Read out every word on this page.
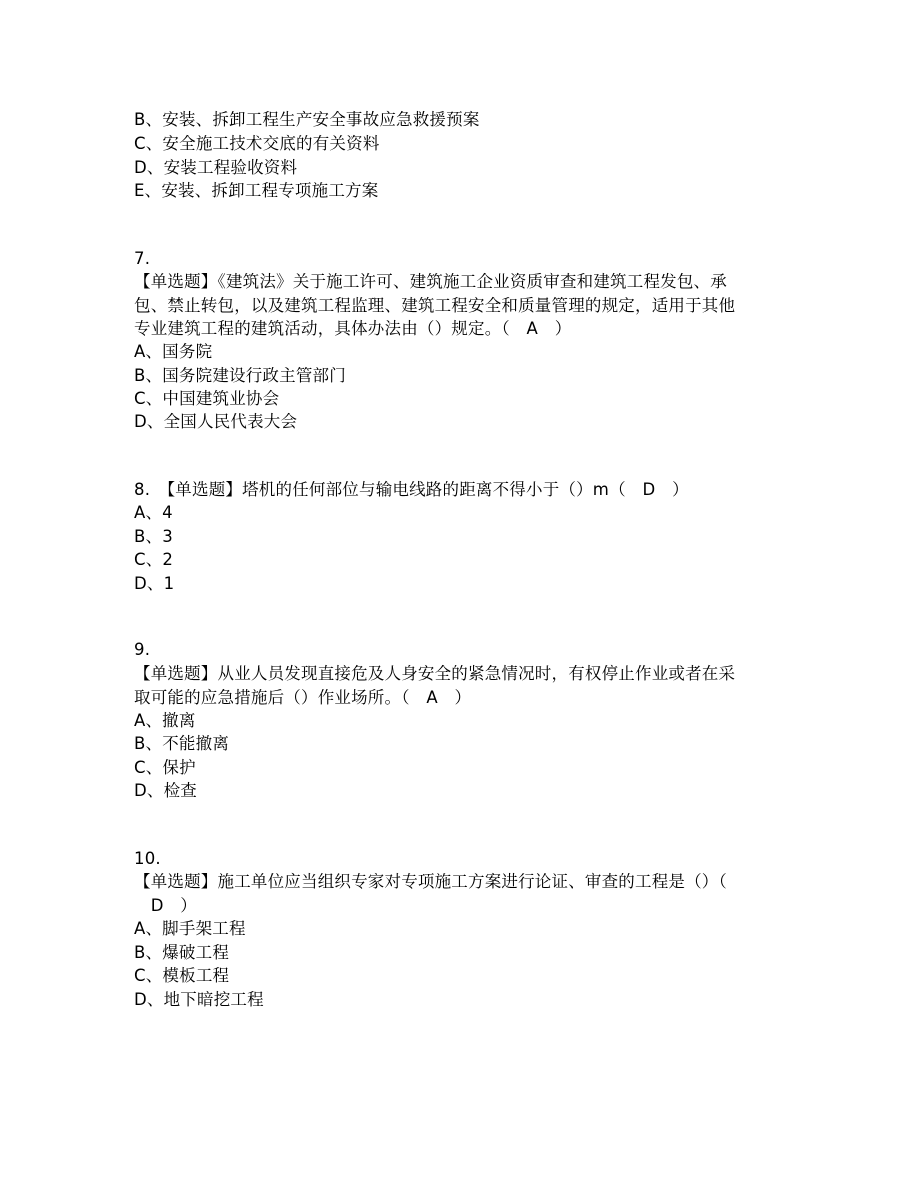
B、安装、拆卸工程生产安全事故应急救援预案

C、安全施工技术交底的有关资料

D、安装工程验收资料

E、安装、拆卸工程专项施工方案

7.

【单选题】《建筑法》关于施工许可、建筑施工企业资质审查和建筑工程发包、承

包、禁止转包，以及建筑工程监理、建筑工程安全和质量管理的规定，适用于其他

专业建筑工程的建筑活动，具体办法由（）规定。（　A　）

A、国务院

B、国务院建设行政主管部门

C、中国建筑业协会

D、全国人民代表大会

8.　【单选题】塔机的任何部位与输电线路的距离不得小于（）m（　D　）

A、4

B、3

C、2

D、1

9.

【单选题】从业人员发现直接危及人身安全的紧急情况时，有权停止作业或者在采

取可能的应急措施后（）作业场所。（　A　）

A、撤离

B、不能撤离

C、保护

D、检查

10.

【单选题】施工单位应当组织专家对专项施工方案进行论证、审查的工程是（）（

　D　）

A、脚手架工程

B、爆破工程

C、模板工程

D、地下暗挖工程
